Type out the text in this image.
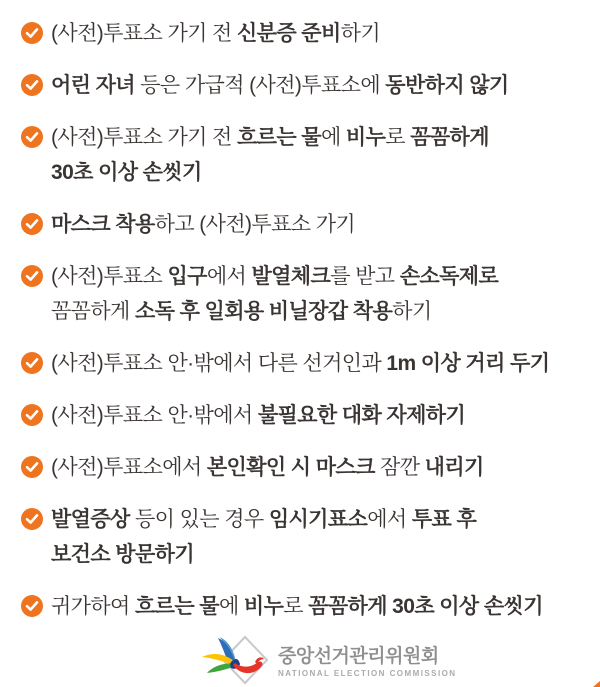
(사전)투표소 가기 전 신분증 준비하기
어린 자녀 등은 가급적 (사전)투표소에 동반하지 않기
(사전)투표소 가기 전 흐르는 물에 비누로 꼼꼼하게
30초 이상 손씻기
마스크 착용하고 (사전)투표소 가기
(사전)투표소 입구에서 발열체크를 받고 손소독제로
꼼꼼하게 소독 후 일회용 비닐장갑 착용하기
(사전)투표소 안·밖에서 다른 선거인과 1m 이상 거리 두기
(사전)투표소 안·밖에서 불필요한 대화 자제하기
(사전)투표소에서 본인확인 시 마스크 잠깐 내리기
발열증상 등이 있는 경우 임시기표소에서 투표 후
보건소 방문하기
귀가하여 흐르는 물에 비누로 꼼꼼하게 30초 이상 손씻기
중앙선거관리위원회
NATIONAL ELECTION COMMISSION
